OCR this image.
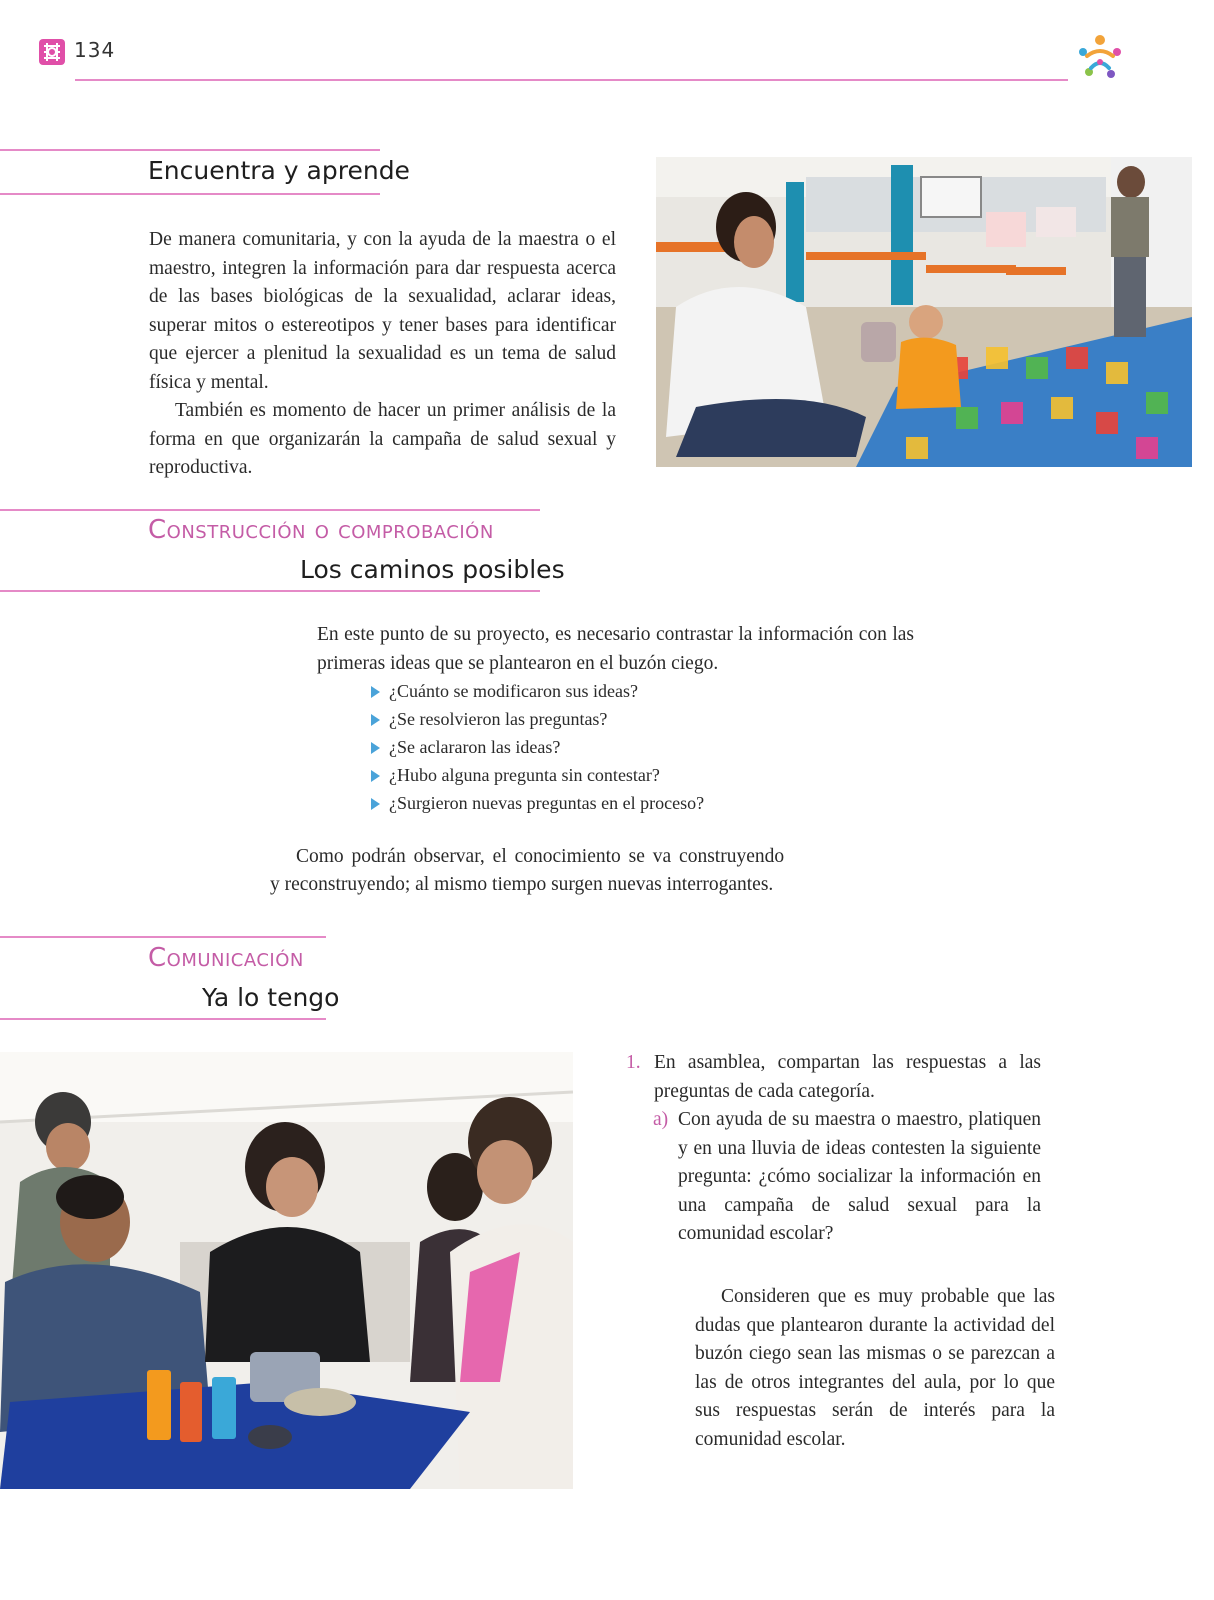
134
Encuentra y aprende

De manera comunitaria, y con la ayuda de la maestra o el maestro, integren la información para dar respuesta acerca de las bases biológicas de la sexualidad, aclarar ideas, superar mitos o estereotipos y tener bases para identificar que ejercer a plenitud la sexualidad es un tema de salud física y mental.

También es momento de hacer un primer análisis de la forma en que organizarán la campaña de salud sexual y reproductiva.

Construcción o comprobación
Los caminos posibles
En este punto de su proyecto, es necesario contrastar la información con las primeras ideas que se plantearon en el buzón ciego.
¿Cuánto se modificaron sus ideas?
¿Se resolvieron las preguntas?
¿Se aclararon las ideas?
¿Hubo alguna pregunta sin contestar?
¿Surgieron nuevas preguntas en el proceso?
Como podrán observar, el conocimiento se va construyendo
y reconstruyendo; al mismo tiempo surgen nuevas interrogantes.
Comunicación
Ya lo tengo
1. En asamblea, compartan las respuestas a las preguntas de cada categoría.
a) Con ayuda de su maestra o maestro, platiquen y en una lluvia de ideas contesten la siguiente pregunta: ¿cómo socializar la información en una campaña de salud sexual para la comunidad escolar?
Consideren que es muy probable que las dudas que plantearon durante la actividad del buzón ciego sean las mismas o se parezcan a las de otros integrantes del aula, por lo que sus respuestas serán de interés para la comunidad escolar.
